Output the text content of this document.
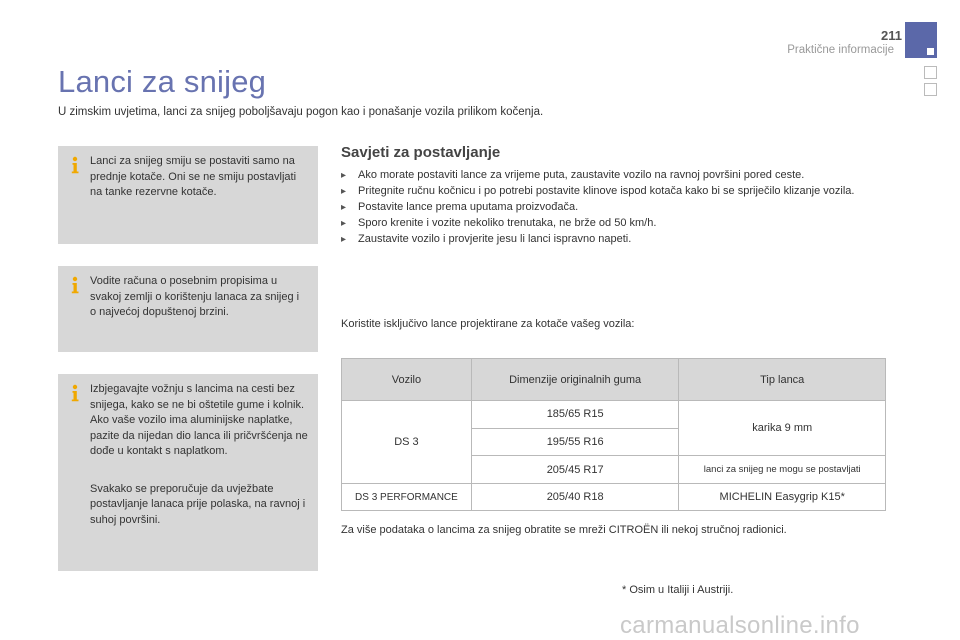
211
Praktične informacije
Lanci za snijeg

U zimskim uvjetima, lanci za snijeg poboljšavaju pogon kao i ponašanje vozila prilikom kočenja.

Lanci za snijeg smiju se postaviti samo na prednje kotače. Oni se ne smiju postavljati na tanke rezervne kotače.

Vodite računa o posebnim propisima u svakoj zemlji o korištenju lanaca za snijeg i o najvećoj dopuštenoj brzini.

Izbjegavajte vožnju s lancima na cesti bez snijega, kako se ne bi oštetile gume i kolnik. Ako vaše vozilo ima aluminijske naplatke, pazite da nijedan dio lanca ili pričvršćenja ne dođe u kontakt s naplatkom.

Svakako se preporučuje da uvježbate postavljanje lanaca prije polaska, na ravnoj i suhoj površini.

Savjeti za postavljanje
▸ Ako morate postaviti lance za vrijeme puta, zaustavite vozilo na ravnoj površini pored ceste.
▸ Pritegnite ručnu kočnicu i po potrebi postavite klinove ispod kotača kako bi se spriječilo klizanje vozila.
▸ Postavite lance prema uputama proizvođača.
▸ Sporo krenite i vozite nekoliko trenutaka, ne brže od 50 km/h.
▸ Zaustavite vozilo i provjerite jesu li lanci ispravno napeti.

Koristite isključivo lance projektirane za kotače vašeg vozila:

Vozilo	Dimenzije originalnih guma	Tip lanca
DS 3	185/65 R15	karika 9 mm
	195/55 R16	
	205/45 R17	lanci za snijeg ne mogu se postavljati
DS 3 PERFORMANCE	205/40 R18	MICHELIN Easygrip K15*

Za više podataka o lancima za snijeg obratite se mreži CITROËN ili nekoj stručnoj radionici.

* Osim u Italiji i Austriji.

carmanualsonline.info
